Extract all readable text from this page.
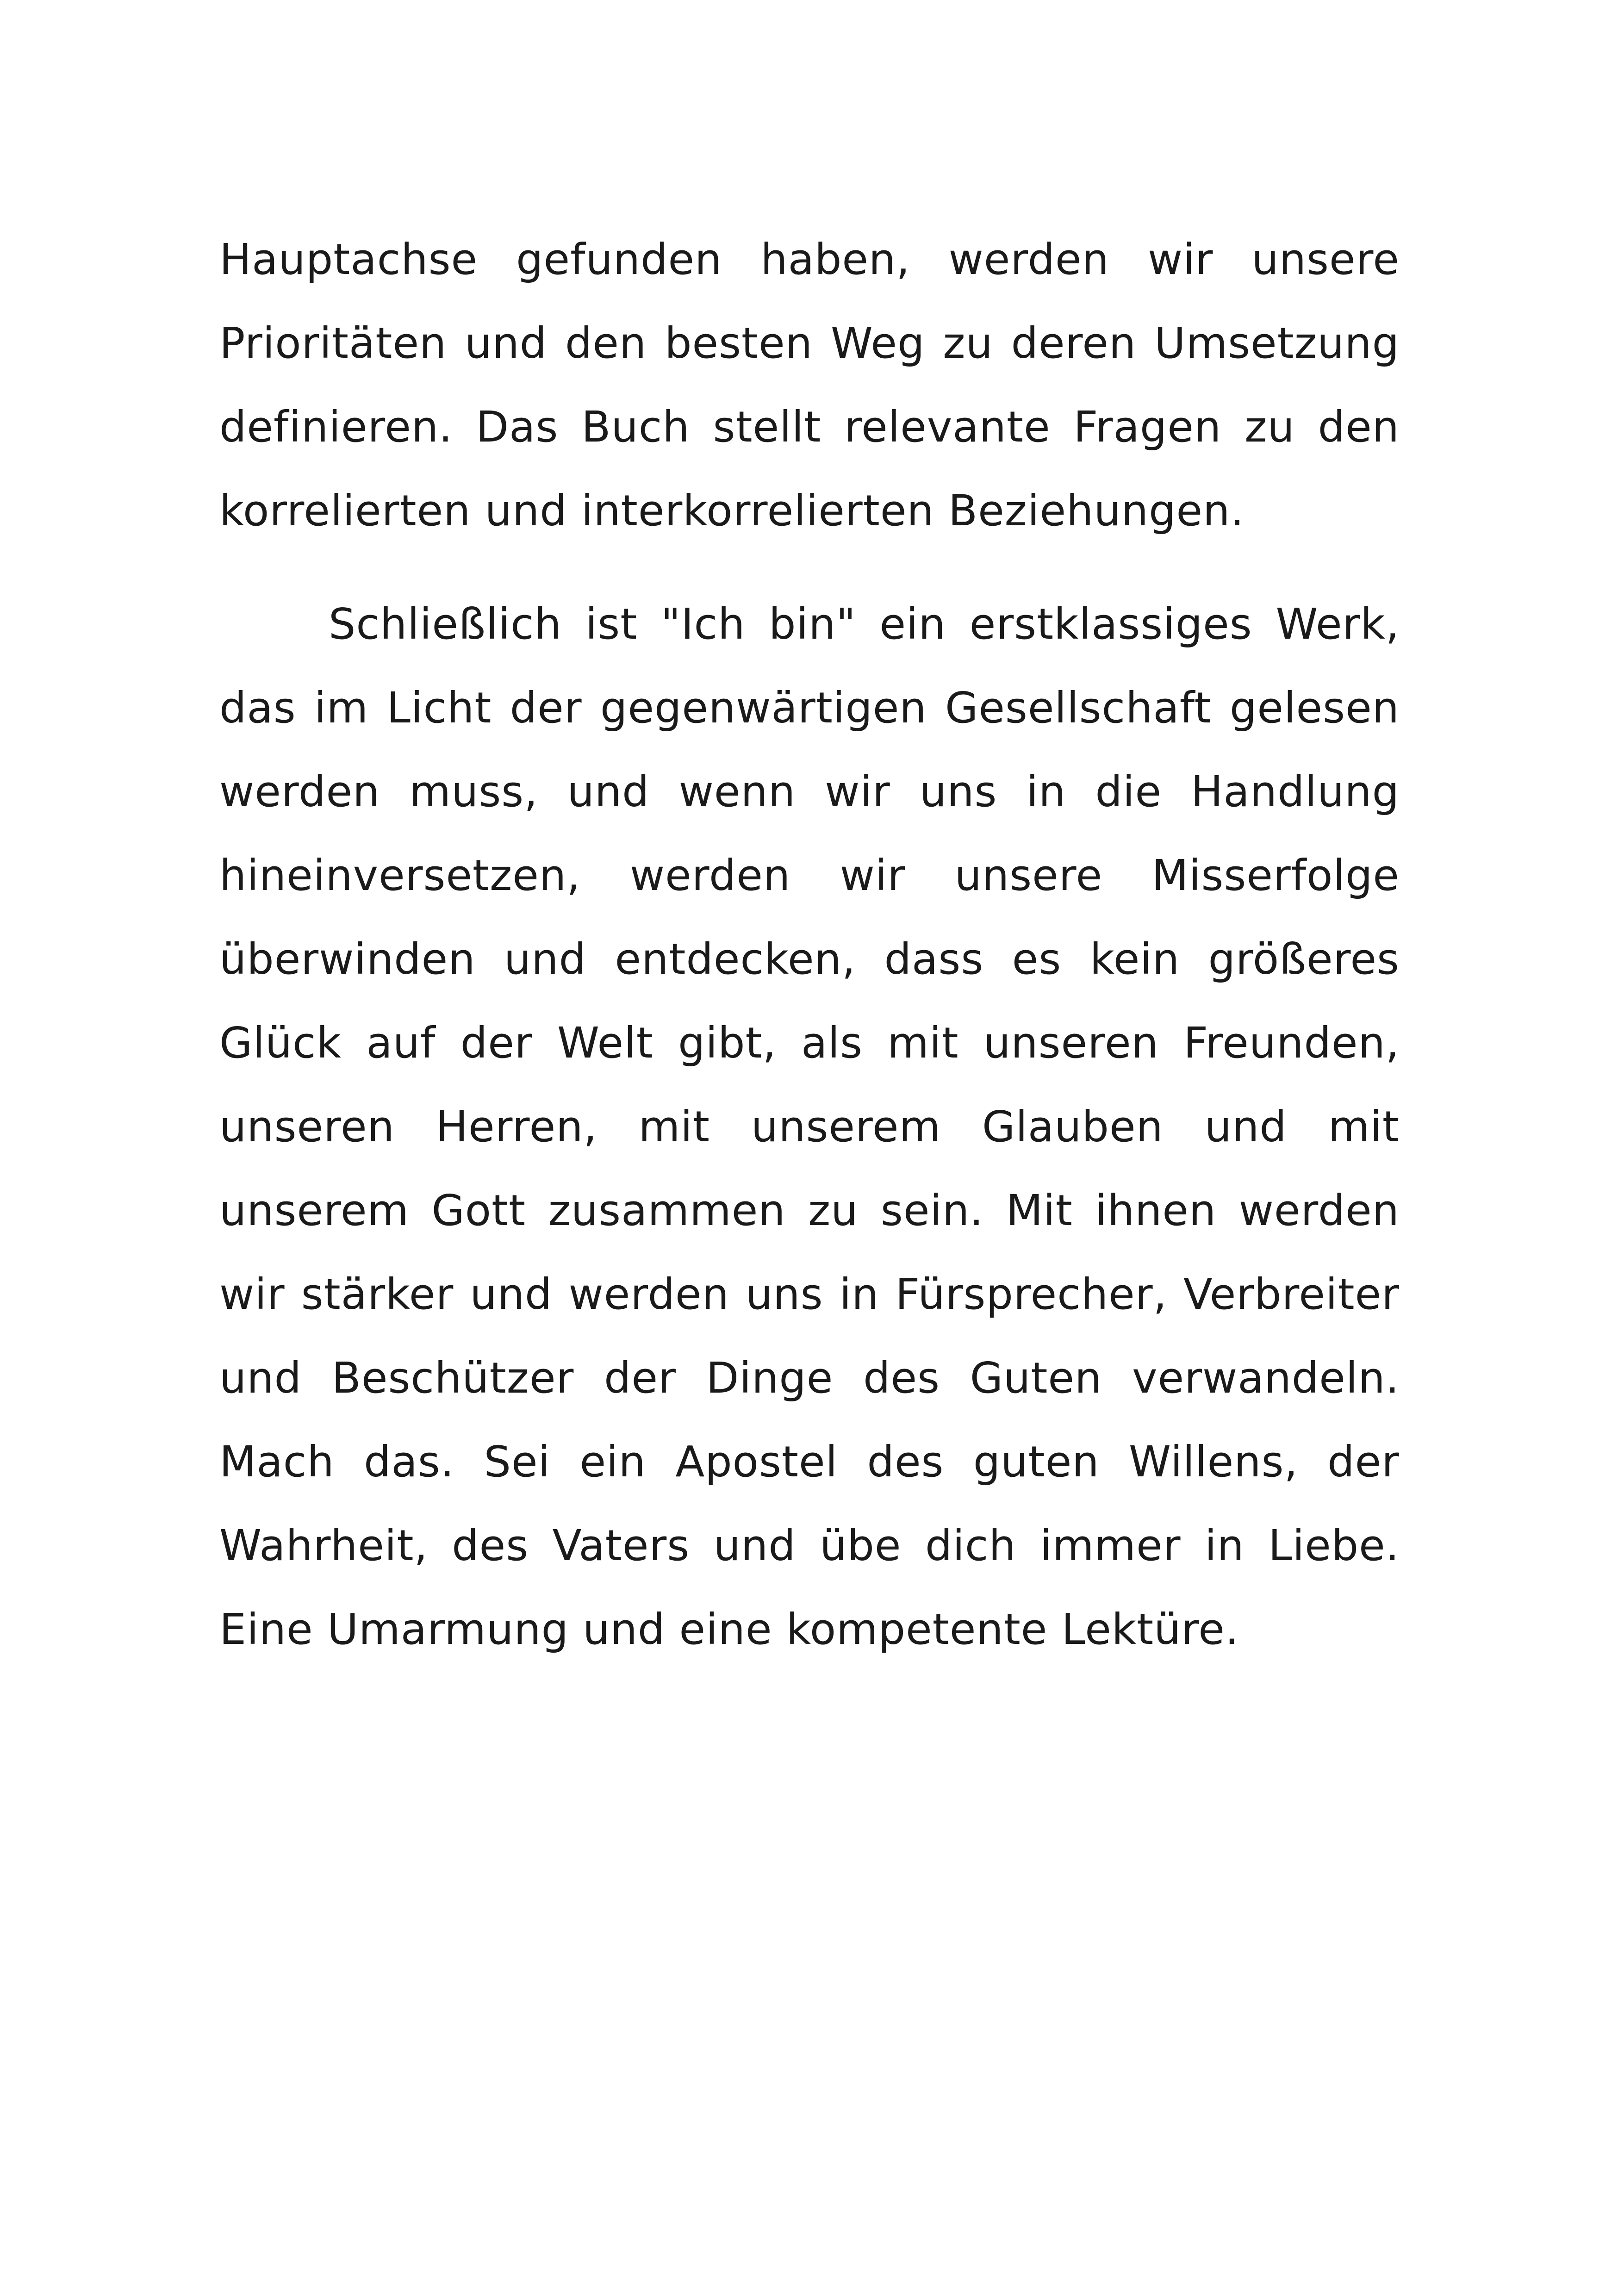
Hauptachse gefunden haben, werden wir unsere Prioritäten und den besten Weg zu deren Umsetzung definieren. Das Buch stellt relevante Fragen zu den korrelierten und interkorrelierten Beziehungen.

Schließlich ist "Ich bin" ein erstklassiges Werk, das im Licht der gegenwärtigen Gesellschaft gelesen werden muss, und wenn wir uns in die Handlung hineinversetzen, werden wir unsere Misserfolge überwinden und entdecken, dass es kein größeres Glück auf der Welt gibt, als mit unseren Freunden, unseren Herren, mit unserem Glauben und mit unserem Gott zusammen zu sein. Mit ihnen werden wir stärker und werden uns in Fürsprecher, Verbreiter und Beschützer der Dinge des Guten verwandeln. Mach das. Sei ein Apostel des guten Willens, der Wahrheit, des Vaters und übe dich immer in Liebe. Eine Umarmung und eine kompetente Lektüre.
